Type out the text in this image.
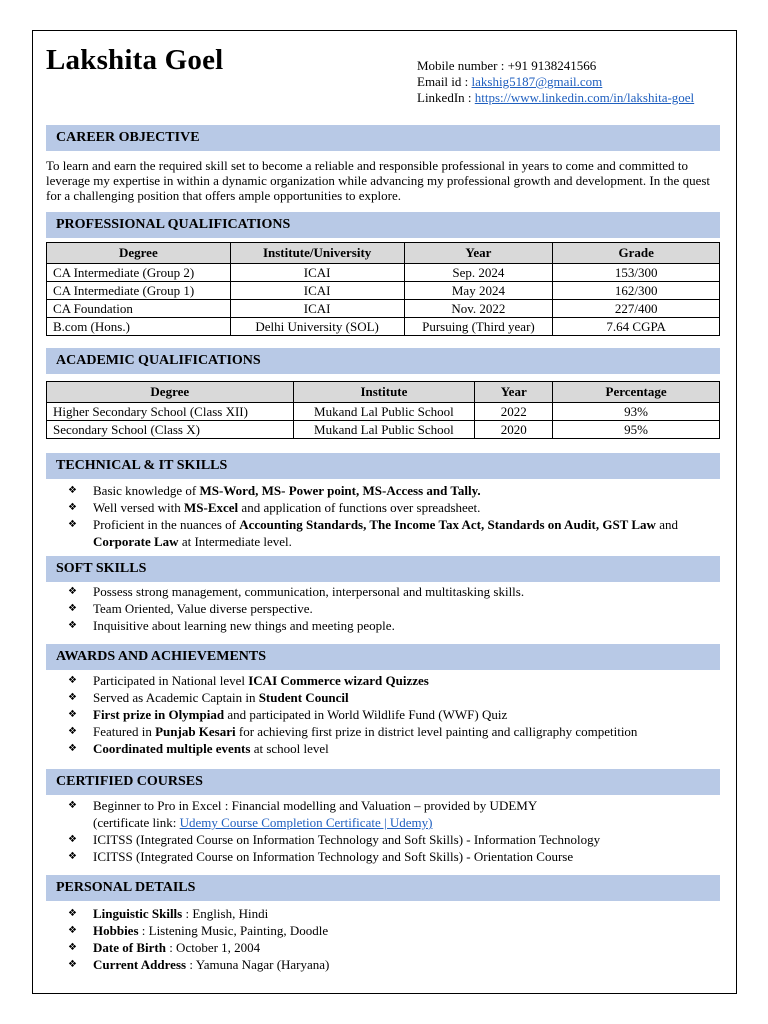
Lakshita Goel	Mobile number : +91 9138241566
Email id : lakshig5187@gmail.com
LinkedIn : https://www.linkedin.com/in/lakshita-goel
CAREER OBJECTIVE
To learn and earn the required skill set to become a reliable and responsible professional in years to come and committed to leverage my expertise in within a dynamic organization while advancing my professional growth and development. In the quest for a challenging position that offers ample opportunities to explore.
PROFESSIONAL QUALIFICATIONS
Degree	Institute/University	Year	Grade
CA Intermediate (Group 2)	ICAI	Sep. 2024	153/300
CA Intermediate (Group 1)	ICAI	May 2024	162/300
CA Foundation	ICAI	Nov. 2022	227/400
B.com (Hons.)	Delhi University (SOL)	Pursuing (Third year)	7.64 CGPA
ACADEMIC QUALIFICATIONS
Degree	Institute	Year	Percentage
Higher Secondary School (Class XII)	Mukand Lal Public School	2022	93%
Secondary School (Class X)	Mukand Lal Public School	2020	95%
TECHNICAL & IT SKILLS
❖ Basic knowledge of MS-Word, MS- Power point, MS-Access and Tally.
❖ Well versed with MS-Excel and application of functions over spreadsheet.
❖ Proficient in the nuances of Accounting Standards, The Income Tax Act, Standards on Audit, GST Law and Corporate Law at Intermediate level.
SOFT SKILLS
❖ Possess strong management, communication, interpersonal and multitasking skills.
❖ Team Oriented, Value diverse perspective.
❖ Inquisitive about learning new things and meeting people.
AWARDS AND ACHIEVEMENTS
❖ Participated in National level ICAI Commerce wizard Quizzes
❖ Served as Academic Captain in Student Council
❖ First prize in Olympiad and participated in World Wildlife Fund (WWF) Quiz
❖ Featured in Punjab Kesari for achieving first prize in district level painting and calligraphy competition
❖ Coordinated multiple events at school level
CERTIFIED COURSES
❖ Beginner to Pro in Excel : Financial modelling and Valuation – provided by UDEMY
(certificate link: Udemy Course Completion Certificate | Udemy)
❖ ICITSS (Integrated Course on Information Technology and Soft Skills) - Information Technology
❖ ICITSS (Integrated Course on Information Technology and Soft Skills) - Orientation Course
PERSONAL DETAILS
❖ Linguistic Skills : English, Hindi
❖ Hobbies : Listening Music, Painting, Doodle
❖ Date of Birth : October 1, 2004
❖ Current Address : Yamuna Nagar (Haryana)
